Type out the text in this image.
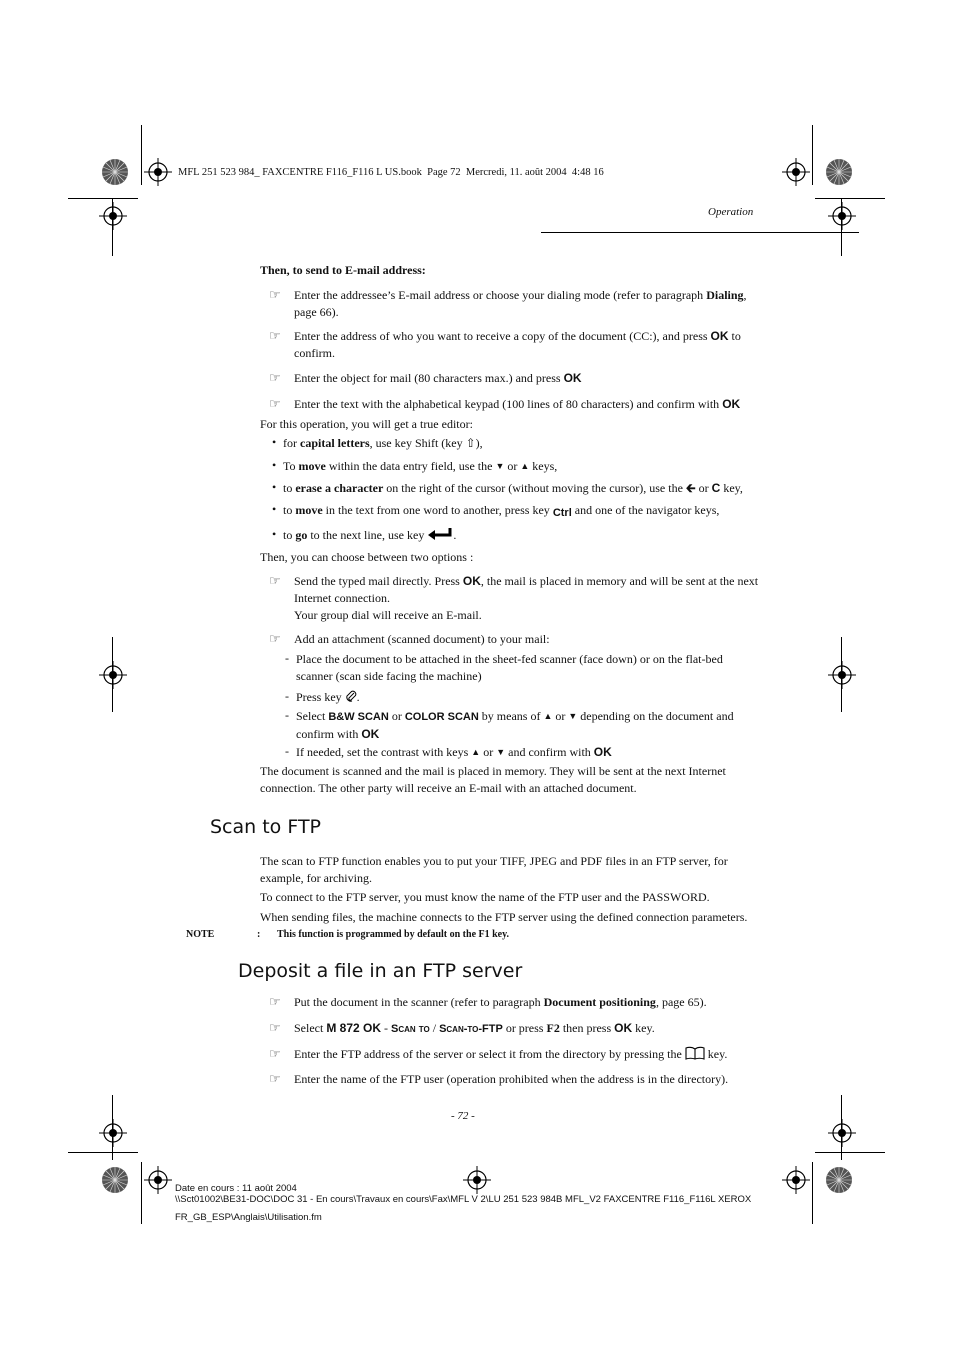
MFL 251 523 984_ FAXCENTRE F116_F116 L US.book  Page 72  Mercredi, 11. août 2004  4:48 16
Operation
Then, to send to E-mail address:
☞ Enter the addressee’s E-mail address or choose your dialing mode (refer to paragraph Dialing,
page 66).
☞ Enter the address of who you want to receive a copy of the document (CC:), and press OK to
confirm.
☞ Enter the object for mail (80 characters max.) and press OK
☞ Enter the text with the alphabetical keypad (100 lines of 80 characters) and confirm with OK
For this operation, you will get a true editor:
• for capital letters, use key Shift (key ⇧),
• To move within the data entry field, use the ▼ or ▲ keys,
• to erase a character on the right of the cursor (without moving the cursor), use the 🡰 or C key,
• to move in the text from one word to another, press key Ctrl and one of the navigator keys,
• to go to the next line, use key .
Then, you can choose between two options :
☞ Send the typed mail directly. Press OK, the mail is placed in memory and will be sent at the next
Internet connection.
Your group dial will receive an E-mail.
☞ Add an attachment (scanned document) to your mail:
- Place the document to be attached in the sheet-fed scanner (face down) or on the flat-bed
scanner (scan side facing the machine)
- Press key .
- Select B&W SCAN or COLOR SCAN by means of ▲ or ▼ depending on the document and
confirm with OK
- If needed, set the contrast with keys ▲ or ▼ and confirm with OK
The document is scanned and the mail is placed in memory. They will be sent at the next Internet
connection. The other party will receive an E-mail with an attached document.
Scan to FTP
The scan to FTP function enables you to put your TIFF, JPEG and PDF files in an FTP server, for
example, for archiving.
To connect to the FTP server, you must know the name of the FTP user and the PASSWORD.
When sending files, the machine connects to the FTP server using the defined connection parameters.
NOTE	: This function is programmed by default on the F1 key.
Deposit a file in an FTP server
☞ Put the document in the scanner (refer to paragraph Document positioning, page 65).
☞ Select M 872 OK - Scan to / Scan-to-FTP or press F2 then press OK key.
☞ Enter the FTP address of the server or select it from the directory by pressing the  key.
☞ Enter the name of the FTP user (operation prohibited when the address is in the directory).
- 72 -
Date en cours : 11 août 2004
\\Sct01002\BE31-DOC\DOC 31 - En cours\Travaux en cours\Fax\MFL V 2\LU 251 523 984B MFL_V2 FAXCENTRE F116_F116L XEROX
FR_GB_ESP\Anglais\Utilisation.fm
